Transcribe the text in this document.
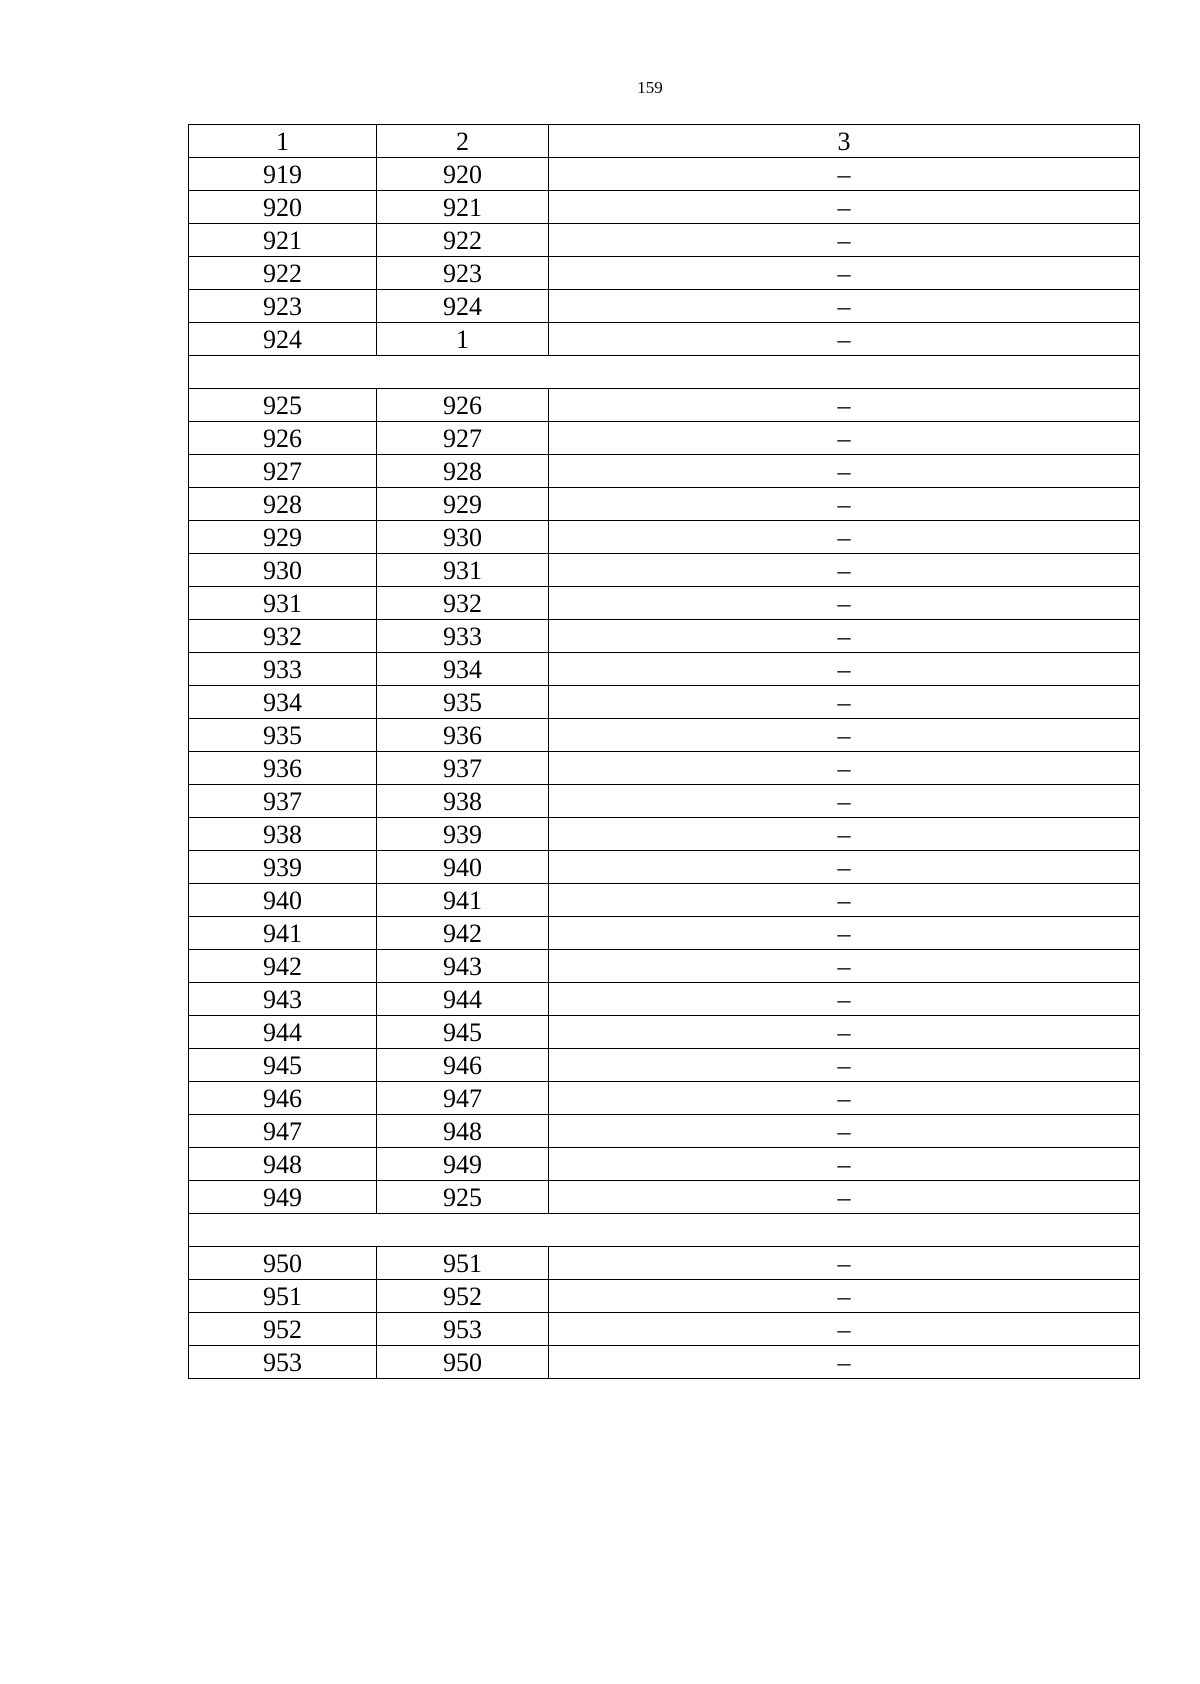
159
1	2	3
919	920	–
920	921	–
921	922	–
922	923	–
923	924	–
924	1	–

925	926	–
926	927	–
927	928	–
928	929	–
929	930	–
930	931	–
931	932	–
932	933	–
933	934	–
934	935	–
935	936	–
936	937	–
937	938	–
938	939	–
939	940	–
940	941	–
941	942	–
942	943	–
943	944	–
944	945	–
945	946	–
946	947	–
947	948	–
948	949	–
949	925	–

950	951	–
951	952	–
952	953	–
953	950	–
